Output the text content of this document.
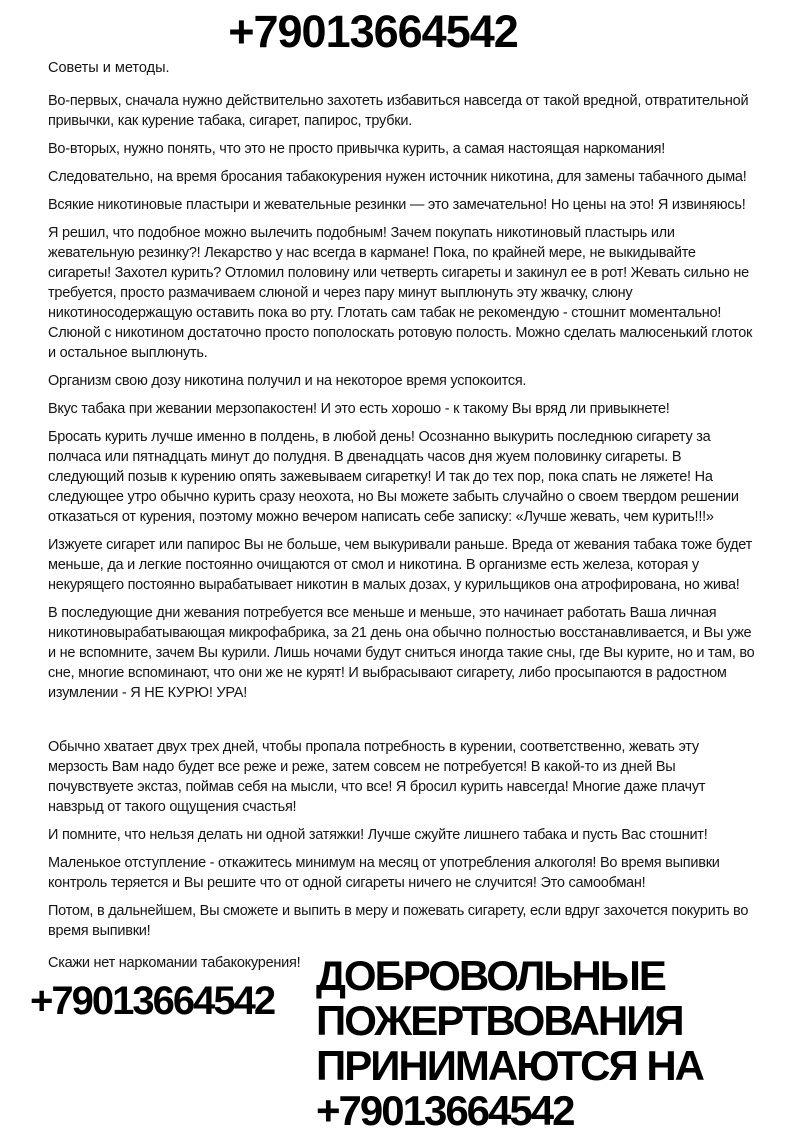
+79013664542
Советы и методы.

Во-первых, сначала нужно действительно захотеть избавиться навсегда от такой вредной, отвратительной привычки, как курение табака, сигарет, папирос, трубки.

Во-вторых, нужно понять, что это не просто привычка курить, а самая настоящая наркомания!

Следовательно, на время бросания табакокурения нужен источник никотина, для замены табачного дыма!

Всякие никотиновые пластыри и жевательные резинки — это замечательно! Но цены на это! Я извиняюсь!

Я решил, что подобное можно вылечить подобным! Зачем покупать никотиновый пластырь или жевательную резинку?! Лекарство у нас всегда в кармане! Пока, по крайней мере, не выкидывайте сигареты! Захотел курить? Отломил половину или четверть сигареты и закинул ее в рот! Жевать сильно не требуется, просто размачиваем слюной и через пару минут выплюнуть эту жвачку, слюну никотиносодержащую оставить пока во рту. Глотать сам табак не рекомендую - стошнит моментально! Слюной с никотином достаточно просто пополоскать ротовую полость. Можно сделать малюсенький глоток и остальное выплюнуть.

Организм свою дозу никотина получил и на некоторое время успокоится.

Вкус табака при жевании мерзопакостен! И это есть хорошо - к такому Вы вряд ли привыкнете!

Бросать курить лучше именно в полдень, в любой день! Осознанно выкурить последнюю сигарету за полчаса или пятнадцать минут до полудня. В двенадцать часов дня жуем половинку сигареты. В следующий позыв к курению опять зажевываем сигаретку! И так до тех пор, пока спать не ляжете! На следующее утро обычно курить сразу неохота, но Вы можете забыть случайно о своем твердом решении отказаться от курения, поэтому можно вечером написать себе записку: «Лучше жевать, чем курить!!!»

Изжуете сигарет или папирос Вы не больше, чем выкуривали раньше. Вреда от жевания табака тоже будет меньше, да и легкие постоянно очищаются от смол и никотина. В организме есть железа, которая у некурящего постоянно вырабатывает никотин в малых дозах, у курильщиков она атрофирована, но жива!

В последующие дни жевания потребуется все меньше и меньше, это начинает работать Ваша личная никотиновырабатывающая микрофабрика, за 21 день она обычно полностью восстанавливается, и Вы уже и не вспомните, зачем Вы курили. Лишь ночами будут сниться иногда такие сны, где Вы курите, но и там, во сне, многие вспоминают, что они же не курят! И выбрасывают сигарету, либо просыпаются в радостном изумлении - Я НЕ КУРЮ! УРА!

Обычно хватает двух трех дней, чтобы пропала потребность в курении, соответственно, жевать эту мерзость Вам надо будет все реже и реже, затем совсем не потребуется! В какой-то из дней Вы почувствуете экстаз, поймав себя на мысли, что все! Я бросил курить навсегда! Многие даже плачут навзрыд от такого ощущения счастья!

И помните, что нельзя делать ни одной затяжки! Лучше сжуйте лишнего табака и пусть Вас стошнит!

Маленькое отступление - откажитесь минимум на месяц от употребления алкоголя! Во время выпивки контроль теряется и Вы решите что от одной сигареты ничего не случится! Это самообман!

Потом, в дальнейшем, Вы сможете и выпить в меру и пожевать сигарету, если вдруг захочется покурить во время выпивки!

Скажи нет наркомании табакокурения!
+79013664542
ДОБРОВОЛЬНЫЕ
ПОЖЕРТВОВАНИЯ
ПРИНИМАЮТСЯ НА
+79013664542
